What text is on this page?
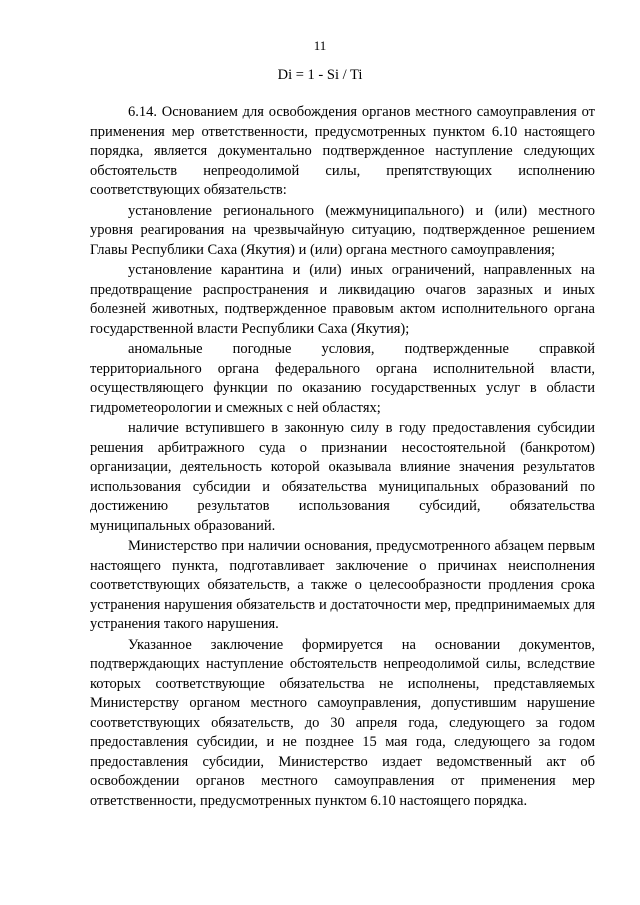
11
Di = 1 - Si / Ti

6.14. Основанием для освобождения органов местного самоуправления от применения мер ответственности, предусмотренных пунктом 6.10 настоящего порядка, является документально подтвержденное наступление следующих обстоятельств непреодолимой силы, препятствующих исполнению соответствующих обязательств:

установление регионального (межмуниципального) и (или) местного уровня реагирования на чрезвычайную ситуацию, подтвержденное решением Главы Республики Саха (Якутия) и (или) органа местного самоуправления;

установление карантина и (или) иных ограничений, направленных на предотвращение распространения и ликвидацию очагов заразных и иных болезней животных, подтвержденное правовым актом исполнительного органа государственной власти Республики Саха (Якутия);

аномальные погодные условия, подтвержденные справкой территориального органа федерального органа исполнительной власти, осуществляющего функции по оказанию государственных услуг в области гидрометеорологии и смежных с ней областях;

наличие вступившего в законную силу в году предоставления субсидии решения арбитражного суда о признании несостоятельной (банкротом) организации, деятельность которой оказывала влияние значения результатов использования субсидии и обязательства муниципальных образований по достижению результатов использования субсидий, обязательства муниципальных образований.

Министерство при наличии основания, предусмотренного абзацем первым настоящего пункта, подготавливает заключение о причинах неисполнения соответствующих обязательств, а также о целесообразности продления срока устранения нарушения обязательств и достаточности мер, предпринимаемых для устранения такого нарушения.

Указанное заключение формируется на основании документов, подтверждающих наступление обстоятельств непреодолимой силы, вследствие которых соответствующие обязательства не исполнены, представляемых Министерству органом местного самоуправления, допустившим нарушение соответствующих обязательств, до 30 апреля года, следующего за годом предоставления субсидии, и не позднее 15 мая года, следующего за годом предоставления субсидии, Министерство издает ведомственный акт об освобождении органов местного самоуправления от применения мер ответственности, предусмотренных пунктом 6.10 настоящего порядка.
